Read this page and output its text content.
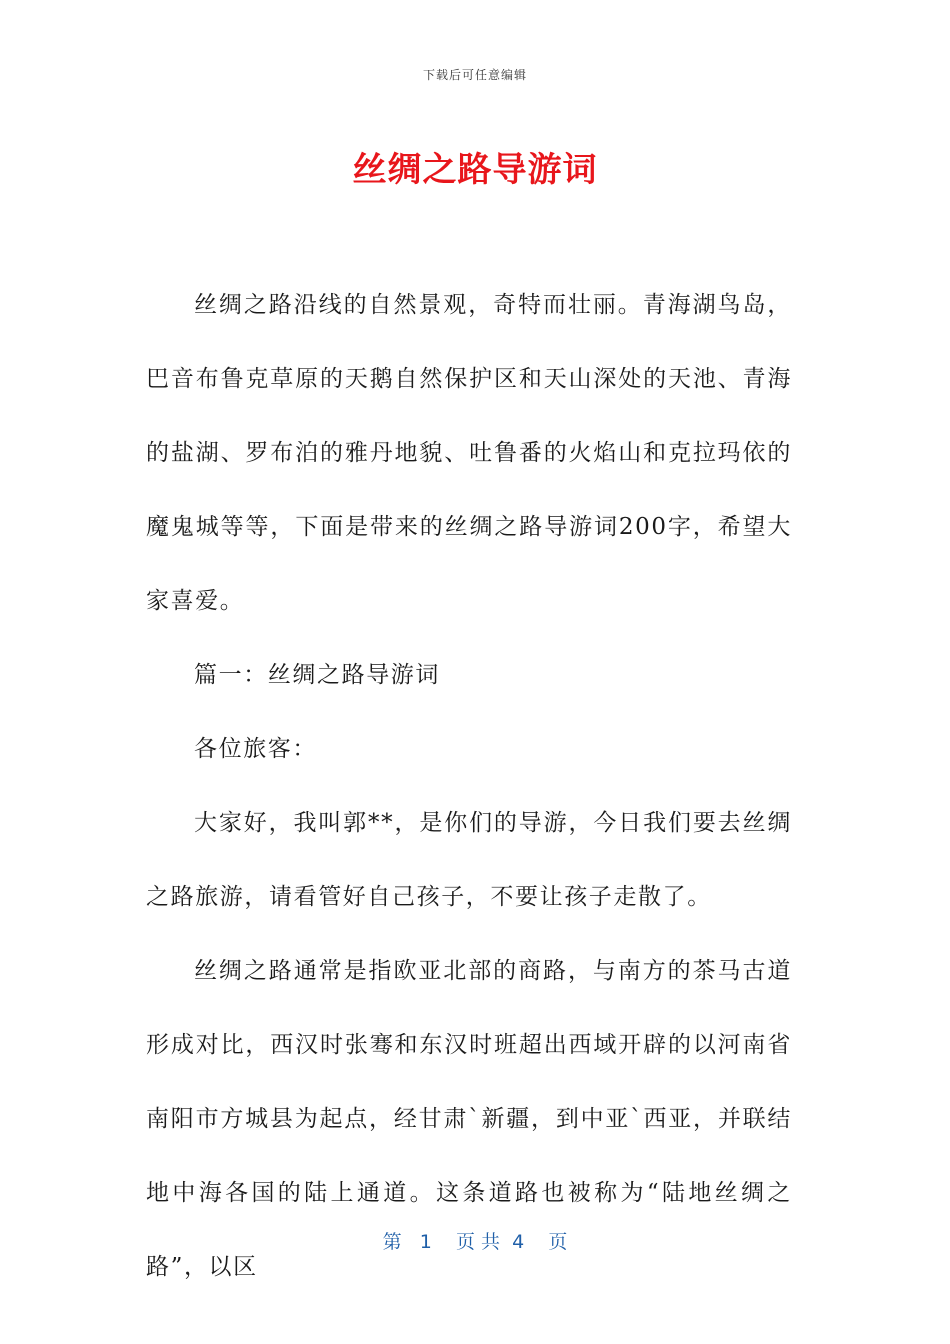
下载后可任意编辑
丝绸之路导游词

丝绸之路沿线的自然景观，奇特而壮丽。青海湖鸟岛，巴音布鲁克草原的天鹅自然保护区和天山深处的天池、青海的盐湖、罗布泊的雅丹地貌、吐鲁番的火焰山和克拉玛依的魔鬼城等等，下面是带来的丝绸之路导游词200字，希望大家喜爱。

篇一：丝绸之路导游词

各位旅客：

大家好，我叫郭**，是你们的导游，今日我们要去丝绸之路旅游，请看管好自己孩子，不要让孩子走散了。

丝绸之路通常是指欧亚北部的商路，与南方的茶马古道形成对比，西汉时张骞和东汉时班超出西域开辟的以河南省南阳市方城县为起点，经甘肃`新疆，到中亚`西亚，并联结地中海各国的陆上通道。这条道路也被称为“陆地丝绸之路”，以区

第   1    页 共  4    页
